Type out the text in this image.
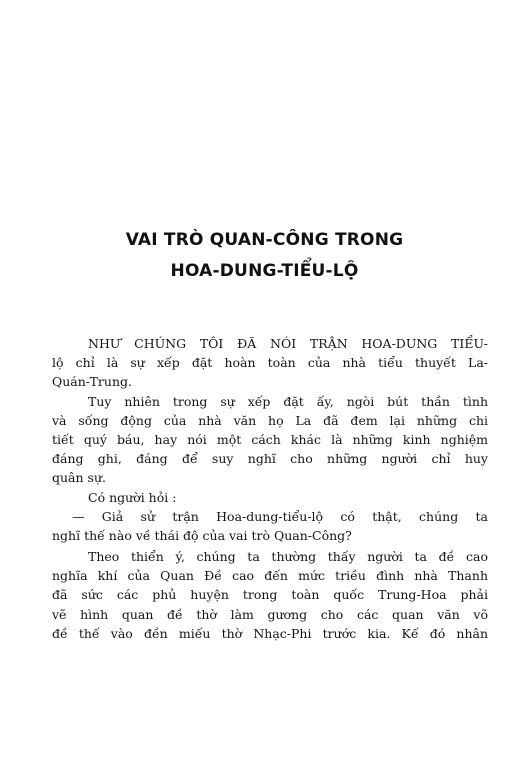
VAI TRÒ QUAN-CÔNG TRONG
HOA-DUNG-TIỂU-LỘ
NHƯ CHÚNG TÔI ĐÃ NÓI TRẬN HOA-DUNG TIỂU-
lộ chỉ là sự xếp đặt hoàn toàn của nhà tiểu thuyết La-
Quán-Trung.
Tuy nhiên trong sự xếp đặt ấy, ngòi bút thần tình
và sống động của nhà văn họ La đã đem lại những chi
tiết quý báu, hay nói một cách khác là những kinh nghiệm
đáng ghi, đáng để suy nghĩ cho những người chỉ huy
quân sự.
Có người hỏi :
— Giả sử trận Hoa-dung-tiểu-lộ có thật, chúng ta
nghĩ thế nào về thái độ của vai trò Quan-Công?
Theo thiển ý, chúng ta thường thấy người ta đề cao
nghĩa khí của Quan Đề cao đến mức triều đình nhà Thanh
đã sức các phủ huyện trong toàn quốc Trung-Hoa phải
vẽ hình quan đề thờ làm gương cho các quan văn võ
đề thế vào đền miếu thờ Nhạc-Phi trước kia. Kế đó nhân
